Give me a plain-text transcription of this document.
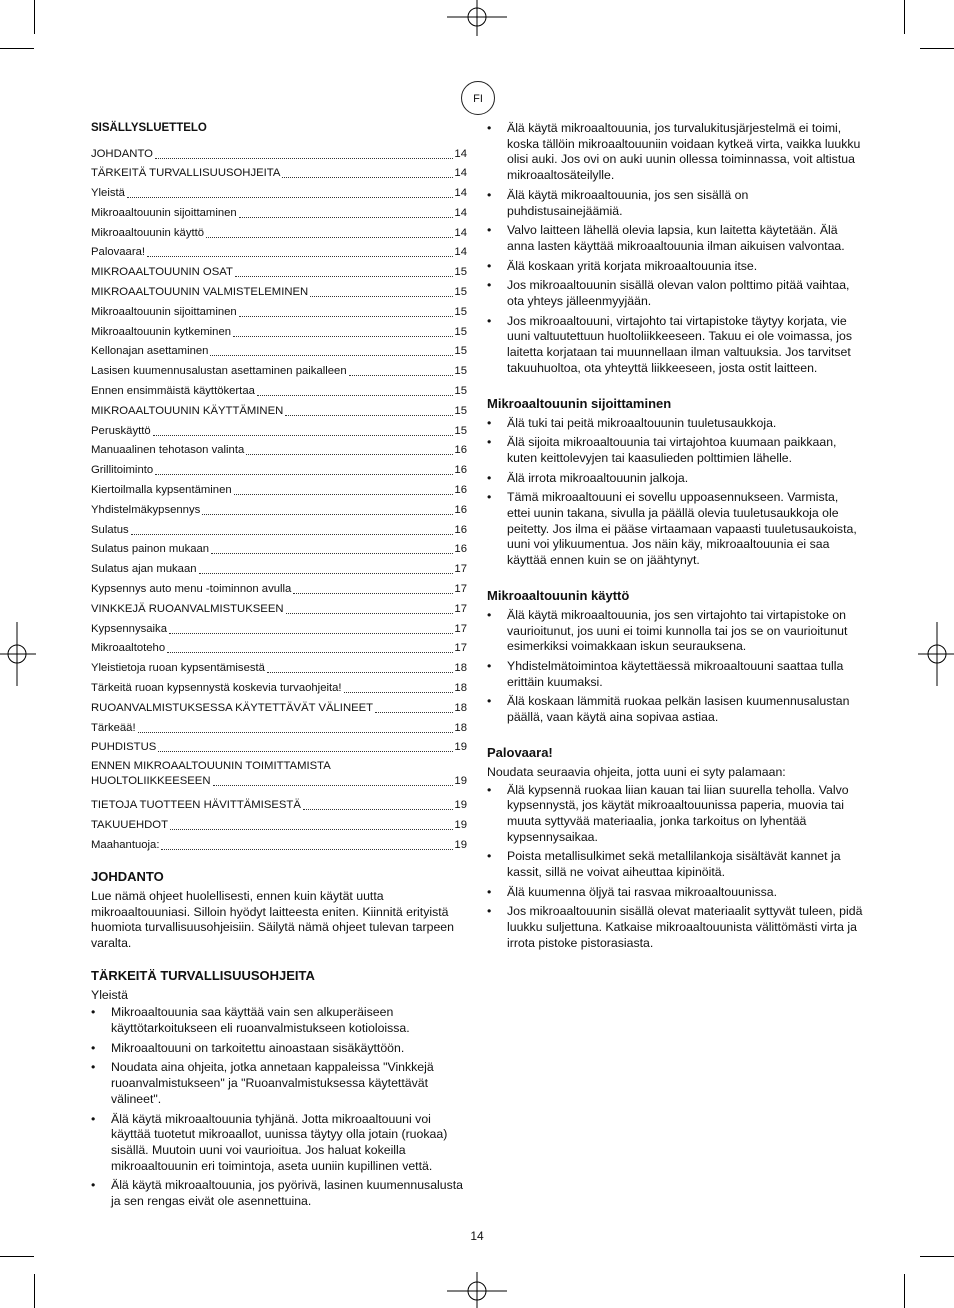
FI
SISÄLLYSLUETTELO
JOHDANTO	14
TÄRKEITÄ TURVALLISUUSOHJEITA	14
Yleistä	14
Mikroaaltouunin sijoittaminen	14
Mikroaaltouunin käyttö	14
Palovaara!	14
MIKROAALTOUUNIN OSAT	15
MIKROAALTOUUNIN VALMISTELEMINEN	15
Mikroaaltouunin sijoittaminen	15
Mikroaaltouunin kytkeminen	15
Kellonajan asettaminen	15
Lasisen kuumennusalustan asettaminen paikalleen	15
Ennen ensimmäistä käyttökertaa	15
MIKROAALTOUUNIN KÄYTTÄMINEN	15
Peruskäyttö	15
Manuaalinen tehotason valinta	16
Grillitoiminto	16
Kiertoilmalla kypsentäminen	16
Yhdistelmäkypsennys	16
Sulatus	16
Sulatus painon mukaan	16
Sulatus ajan mukaan	17
Kypsennys auto menu -toiminnon avulla	17
VINKKEJÄ RUOANVALMISTUKSEEN	17
Kypsennysaika	17
Mikroaaltoteho	17
Yleistietoja ruoan kypsentämisestä	18
Tärkeitä ruoan kypsennystä koskevia turvaohjeita!	18
RUOANVALMISTUKSESSA KÄYTETTÄVÄT VÄLINEET	18
Tärkeää!	18
PUHDISTUS	19
ENNEN MIKROAALTOUUNIN TOIMITTAMISTA
HUOLTOLIIKKEESEEN	19
TIETOJA TUOTTEEN HÄVITTÄMISESTÄ	19
TAKUUEHDOT	19
Maahantuoja:	19
JOHDANTO

Lue nämä ohjeet huolellisesti, ennen kuin käytät uutta mikroaaltouuniasi. Silloin hyödyt laitteesta eniten. Kiinnitä erityistä huomiota turvallisuusohjeisiin. Säilytä nämä ohjeet tulevan tarpeen varalta.

TÄRKEITÄ TURVALLISUUSOHJEITA

Yleistä

• Mikroaaltouunia saa käyttää vain sen alkuperäiseen käyttötarkoitukseen eli ruoanvalmistukseen kotioloissa.
• Mikroaaltouuni on tarkoitettu ainoastaan sisäkäyttöön.
• Noudata aina ohjeita, jotka annetaan kappaleissa "Vinkkejä ruoanvalmistukseen" ja "Ruoanvalmistuksessa käytettävät välineet".
• Älä käytä mikroaaltouunia tyhjänä. Jotta mikroaaltouuni voi käyttää tuotetut mikroaallot, uunissa täytyy olla jotain (ruokaa) sisällä. Muutoin uuni voi vaurioitua. Jos haluat kokeilla mikroaaltouunin eri toimintoja, aseta uuniin kupillinen vettä.
• Älä käytä mikroaaltouunia, jos pyörivä, lasinen kuumennusalusta ja sen rengas eivät ole asennettuina.
• Älä käytä mikroaaltouunia, jos turvalukitusjärjestelmä ei toimi, koska tällöin mikroaaltouuniin voidaan kytkeä virta, vaikka luukku olisi auki. Jos ovi on auki uunin ollessa toiminnassa, voit altistua mikroaaltosäteilylle.
• Älä käytä mikroaaltouunia, jos sen sisällä on puhdistusainejäämiä.
• Valvo laitteen lähellä olevia lapsia, kun laitetta käytetään. Älä anna lasten käyttää mikroaaltouunia ilman aikuisen valvontaa.
• Älä koskaan yritä korjata mikroaaltouunia itse.
• Jos mikroaaltouunin sisällä olevan valon polttimo pitää vaihtaa, ota yhteys jälleenmyyjään.
• Jos mikroaaltouuni, virtajohto tai virtapistoke täytyy korjata, vie uuni valtuutettuun huoltoliikkeeseen. Takuu ei ole voimassa, jos laitetta korjataan tai muunnellaan ilman valtuuksia. Jos tarvitset takuuhuoltoa, ota yhteyttä liikkeeseen, josta ostit laitteen.
Mikroaaltouunin sijoittaminen
• Älä tuki tai peitä mikroaaltouunin tuuletusaukkoja.
• Älä sijoita mikroaaltouunia tai virtajohtoa kuumaan paikkaan, kuten keittolevyjen tai kaasulieden polttimien lähelle.
• Älä irrota mikroaaltouunin jalkoja.
• Tämä mikroaaltouuni ei sovellu uppoasennukseen. Varmista, ettei uunin takana, sivulla ja päällä olevia tuuletusaukkoja ole peitetty. Jos ilma ei pääse virtaamaan vapaasti tuuletusaukoista, uuni voi ylikuumentua. Jos näin käy, mikroaaltouunia ei saa käyttää ennen kuin se on jäähtynyt.
Mikroaaltouunin käyttö
• Älä käytä mikroaaltouunia, jos sen virtajohto tai virtapistoke on vaurioitunut, jos uuni ei toimi kunnolla tai jos se on vaurioitunut esimerkiksi voimakkaan iskun seurauksena.
• Yhdistelmätoimintoa käytettäessä mikroaaltouuni saattaa tulla erittäin kuumaksi.
• Älä koskaan lämmitä ruokaa pelkän lasisen kuumennusalustan päällä, vaan käytä aina sopivaa astiaa.
Palovaara!

Noudata seuraavia ohjeita, jotta uuni ei syty palamaan:

• Älä kypsennä ruokaa liian kauan tai liian suurella teholla. Valvo kypsennystä, jos käytät mikroaaltouunissa paperia, muovia tai muuta syttyvää materiaalia, jonka tarkoitus on lyhentää kypsennysaikaa.
• Poista metallisulkimet sekä metallilankoja sisältävät kannet ja kassit, sillä ne voivat aiheuttaa kipinöitä.
• Älä kuumenna öljyä tai rasvaa mikroaaltouunissa.
• Jos mikroaaltouunin sisällä olevat materiaalit syttyvät tuleen, pidä luukku suljettuna. Katkaise mikroaaltouunista välittömästi virta ja irrota pistoke pistorasiasta.
14
